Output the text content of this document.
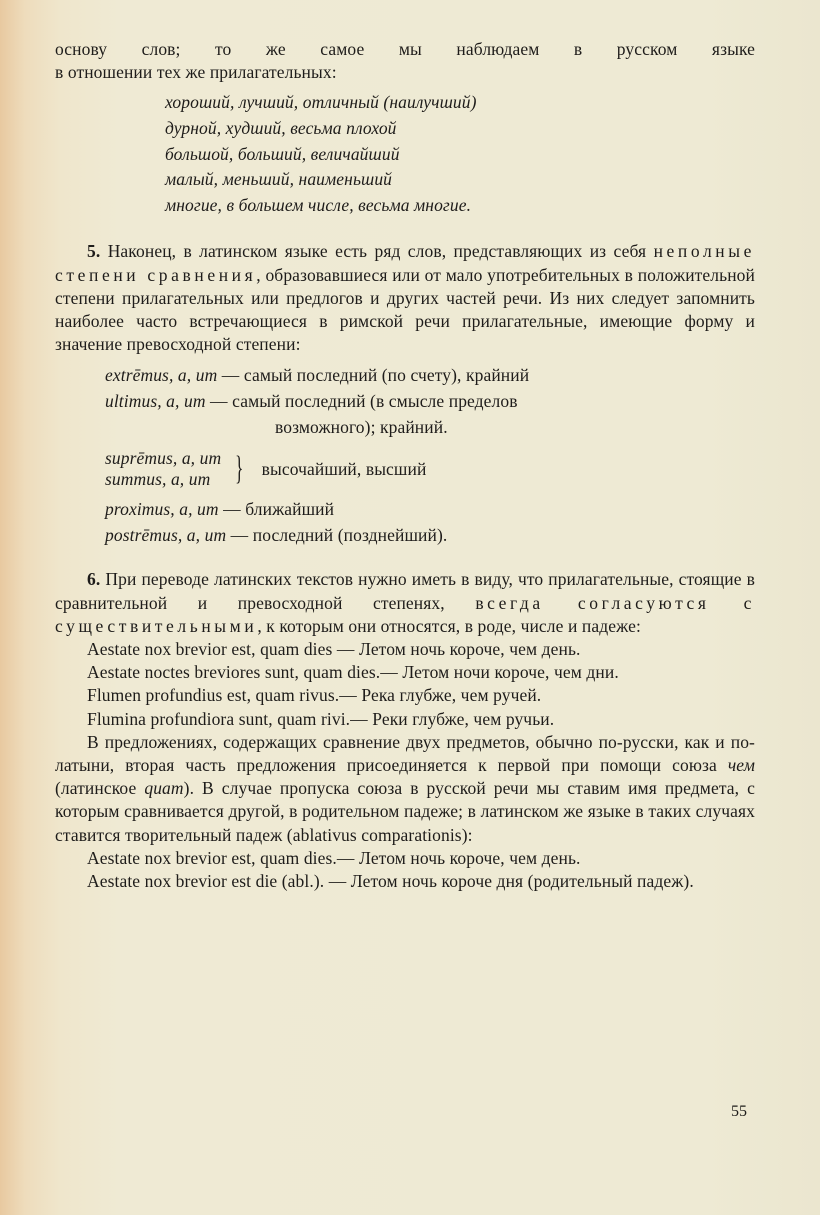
основу слов; то же самое мы наблюдаем в русском языке

в отношении тех же прилагательных:

хороший, лучший, отличный (наилучший)
дурной, худший, весьма плохой
большой, больший, величайший
малый, меньший, наименьший
многие, в большем числе, весьма многие.

5. Наконец, в латинском языке есть ряд слов, представляющих из себя неполные степени сравнения, образовавшиеся или от мало употребительных в положительной степени прилагательных или предлогов и других частей речи. Из них следует запомнить наиболее часто встречающиеся в римской речи прилагательные, имеющие форму и значение превосходной степени:

extrēmus, a, um — самый последний (по счету), крайний
ultimus, a, um — самый последний (в смысле пределов
возможного); крайний.
suprēmus, a, um
summus, a, um } высочайший, высший
proximus, a, um — ближайший
postrēmus, a, um — последний (позднейший).

6. При переводе латинских текстов нужно иметь в виду, что прилагательные, стоящие в сравнительной и превосходной степенях, всегда согласуются с существительными, к которым они относятся, в роде, числе и падеже:

Aestate nox brevior est, quam dies — Летом ночь короче, чем день.

Aestate noctes breviores sunt, quam dies.— Летом ночи короче, чем дни.

Flumen profundius est, quam rivus.— Река глубже, чем ручей.

Flumina profundiora sunt, quam rivi.— Реки глубже, чем ручьи.

В предложениях, содержащих сравнение двух предметов, обычно по-русски, как и по-латыни, вторая часть предложения присоединяется к первой при помощи союза чем (латинское quam). В случае пропуска союза в русской речи мы ставим имя предмета, с которым сравнивается другой, в родительном падеже; в латинском же языке в таких случаях ставится творительный падеж (ablativus comparationis):

Aestate nox brevior est, quam dies.— Летом ночь короче, чем день.

Aestate nox brevior est die (abl.). — Летом ночь короче дня (родительный падеж).

55
